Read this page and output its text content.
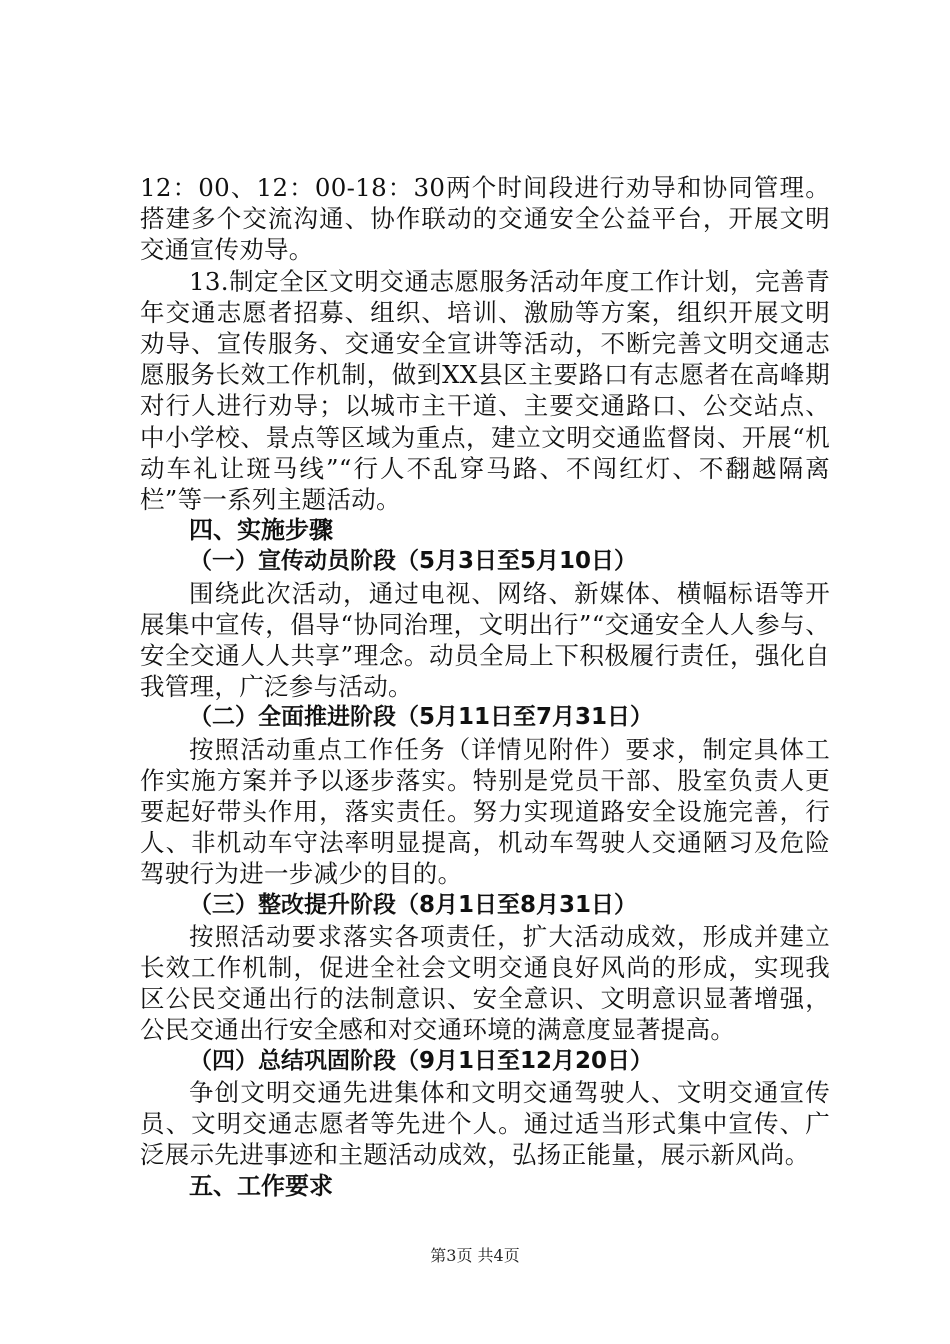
12：00、12：00-18：30两个时间段进行劝导和协同管理。搭建多个交流沟通、协作联动的交通安全公益平台，开展文明交通宣传劝导。

13.制定全区文明交通志愿服务活动年度工作计划，完善青年交通志愿者招募、组织、培训、激励等方案，组织开展文明劝导、宣传服务、交通安全宣讲等活动，不断完善文明交通志愿服务长效工作机制，做到XX县区主要路口有志愿者在高峰期对行人进行劝导；以城市主干道、主要交通路口、公交站点、中小学校、景点等区域为重点，建立文明交通监督岗、开展“机动车礼让斑马线”“行人不乱穿马路、不闯红灯、不翻越隔离栏”等一系列主题活动。

四、实施步骤

（一）宣传动员阶段（5月3日至5月10日）

围绕此次活动，通过电视、网络、新媒体、横幅标语等开展集中宣传，倡导“协同治理，文明出行”“交通安全人人参与、安全交通人人共享”理念。动员全局上下积极履行责任，强化自我管理，广泛参与活动。

（二）全面推进阶段（5月11日至7月31日）

按照活动重点工作任务（详情见附件）要求，制定具体工作实施方案并予以逐步落实。特别是党员干部、股室负责人更要起好带头作用，落实责任。努力实现道路安全设施完善，行人、非机动车守法率明显提高，机动车驾驶人交通陋习及危险驾驶行为进一步减少的目的。

（三）整改提升阶段（8月1日至8月31日）

按照活动要求落实各项责任，扩大活动成效，形成并建立长效工作机制，促进全社会文明交通良好风尚的形成，实现我区公民交通出行的法制意识、安全意识、文明意识显著增强，公民交通出行安全感和对交通环境的满意度显著提高。

（四）总结巩固阶段（9月1日至12月20日）

争创文明交通先进集体和文明交通驾驶人、文明交通宣传员、文明交通志愿者等先进个人。通过适当形式集中宣传、广泛展示先进事迹和主题活动成效，弘扬正能量，展示新风尚。

五、工作要求

第3页 共4页
